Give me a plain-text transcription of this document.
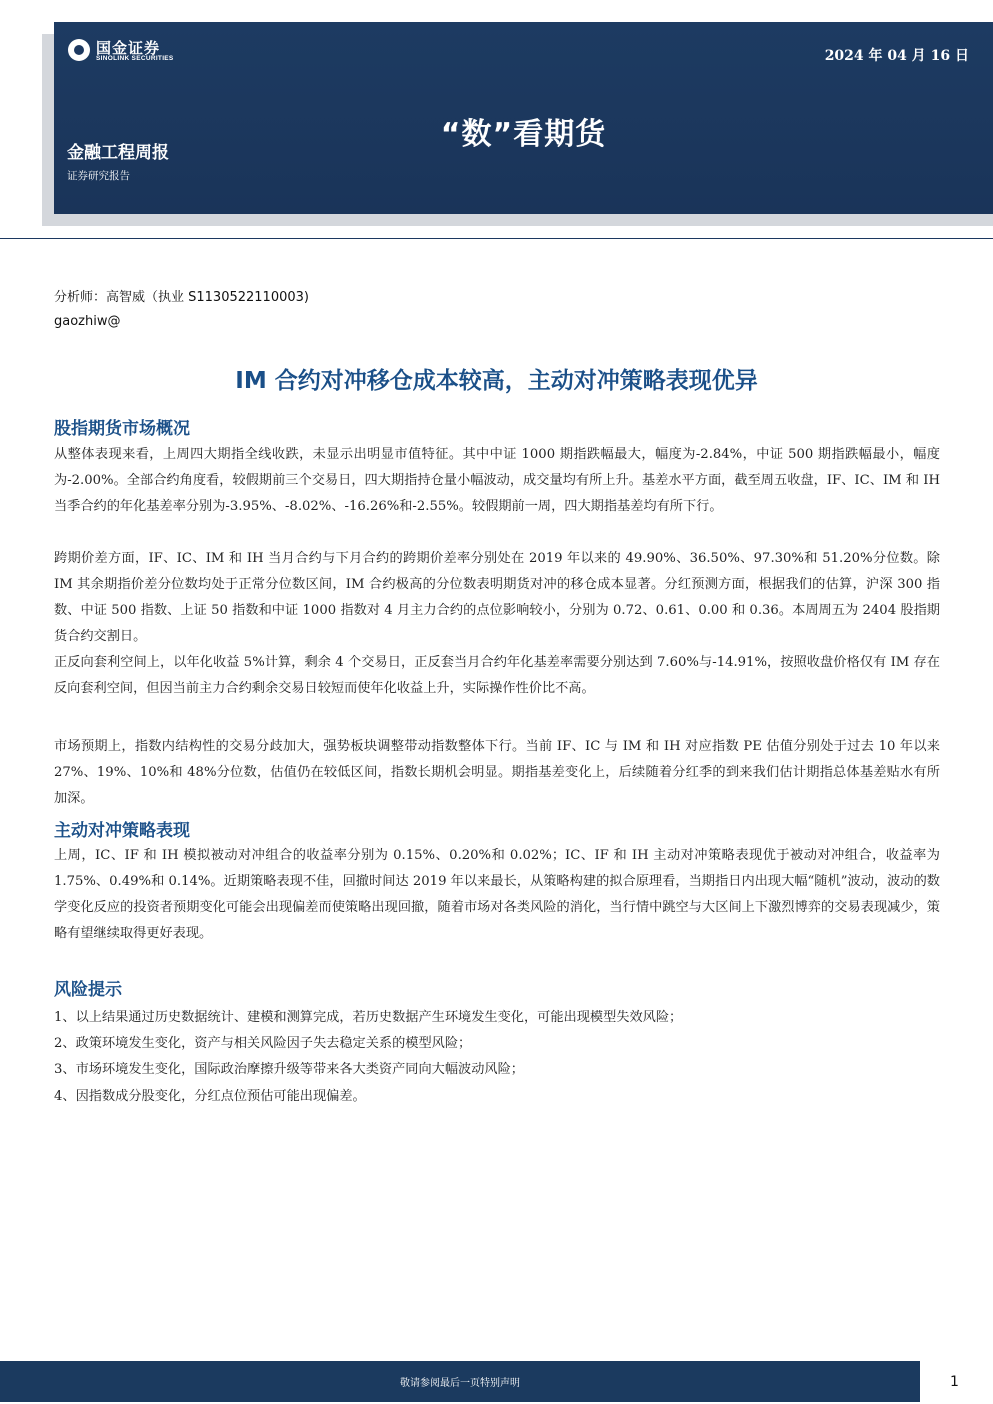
国金证券
SINOLINK SECURITIES	2024 年 04 月 16 日
“数”看期货
金融工程周报
证券研究报告
分析师：高智威（执业 S1130522110003)
gaozhiw@
IM 合约对冲移仓成本较高，主动对冲策略表现优异
股指期货市场概况
从整体表现来看，上周四大期指全线收跌，未显示出明显市值特征。其中中证 1000 期指跌幅最大，幅度为-2.84%，中证 500 期指跌幅最小，幅度为-2.00%。全部合约角度看，较假期前三个交易日，四大期指持仓量小幅波动，成交量均有所上升。基差水平方面，截至周五收盘，IF、IC、IM 和 IH 当季合约的年化基差率分别为-3.95%、-8.02%、-16.26%和-2.55%。较假期前一周，四大期指基差均有所下行。
跨期价差方面，IF、IC、IM 和 IH 当月合约与下月合约的跨期价差率分别处在 2019 年以来的 49.90%、36.50%、97.30%和 51.20%分位数。除 IM 其余期指价差分位数均处于正常分位数区间，IM 合约极高的分位数表明期货对冲的移仓成本显著。分红预测方面，根据我们的估算，沪深 300 指数、中证 500 指数、上证 50 指数和中证 1000 指数对 4 月主力合约的点位影响较小，分别为 0.72、0.61、0.00 和 0.36。本周周五为 2404 股指期货合约交割日。
正反向套利空间上，以年化收益 5%计算，剩余 4 个交易日，正反套当月合约年化基差率需要分别达到 7.60%与-14.91%，按照收盘价格仅有 IM 存在反向套利空间，但因当前主力合约剩余交易日较短而使年化收益上升，实际操作性价比不高。
市场预期上，指数内结构性的交易分歧加大，强势板块调整带动指数整体下行。当前 IF、IC 与 IM 和 IH 对应指数 PE 估值分别处于过去 10 年以来 27%、19%、10%和 48%分位数，估值仍在较低区间，指数长期机会明显。期指基差变化上，后续随着分红季的到来我们估计期指总体基差贴水有所加深。
主动对冲策略表现
上周，IC、IF 和 IH 模拟被动对冲组合的收益率分别为 0.15%、0.20%和 0.02%；IC、IF 和 IH 主动对冲策略表现优于被动对冲组合，收益率为 1.75%、0.49%和 0.14%。近期策略表现不佳，回撤时间达 2019 年以来最长，从策略构建的拟合原理看，当期指日内出现大幅“随机”波动，波动的数学变化反应的投资者预期变化可能会出现偏差而使策略出现回撤，随着市场对各类风险的消化，当行情中跳空与大区间上下激烈博弈的交易表现减少，策略有望继续取得更好表现。
风险提示
1、以上结果通过历史数据统计、建模和测算完成，若历史数据产生环境发生变化，可能出现模型失效风险；
2、政策环境发生变化，资产与相关风险因子失去稳定关系的模型风险；
3、市场环境发生变化，国际政治摩擦升级等带来各大类资产同向大幅波动风险；
4、因指数成分股变化，分红点位预估可能出现偏差。
敬请参阅最后一页特别声明	1
